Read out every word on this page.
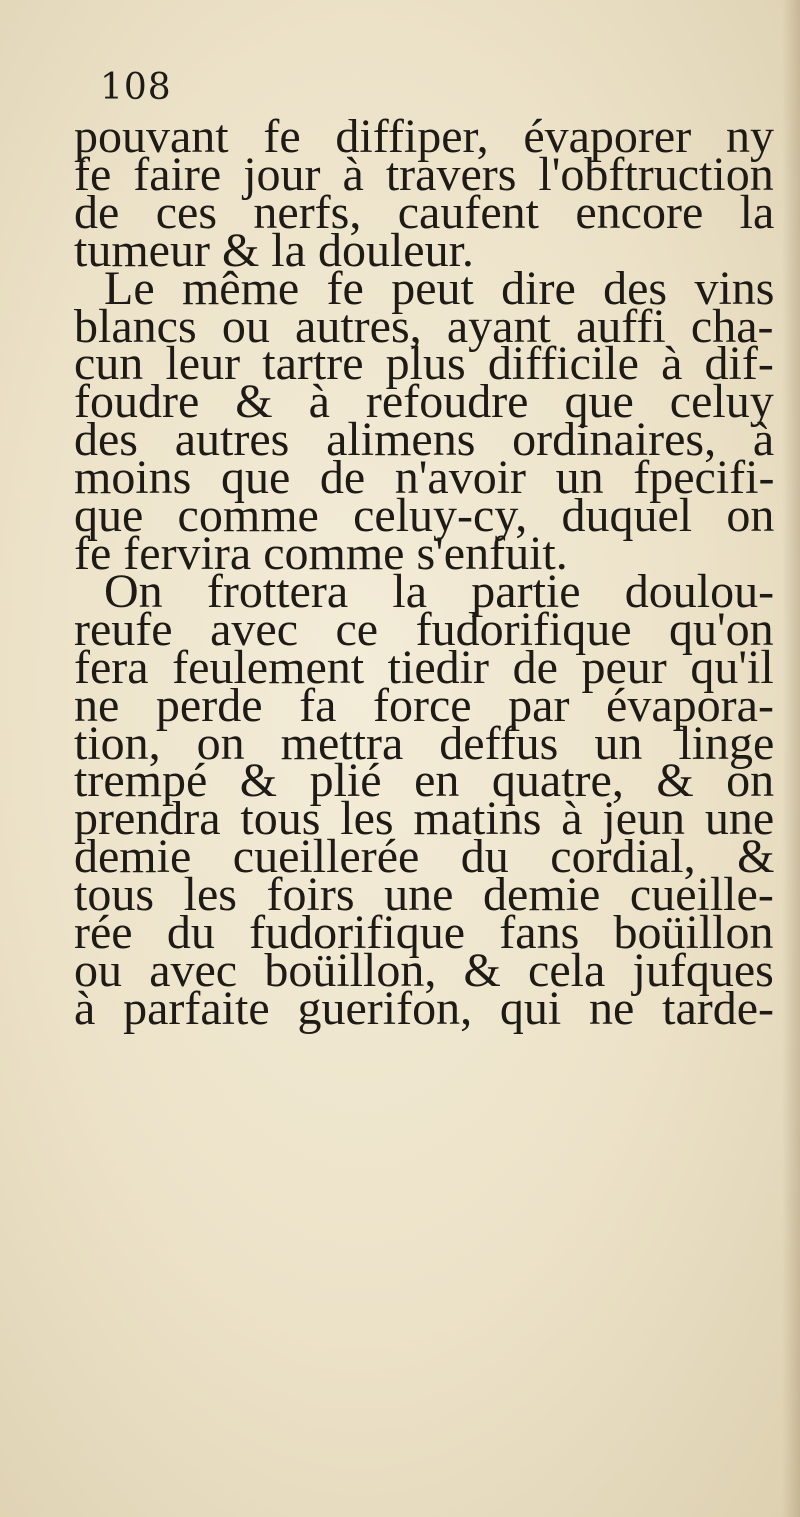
108

pouvant fe diffiper, évaporer ny
fe faire jour à travers l'obftruction
de ces nerfs, caufent encore la
tumeur & la douleur.

Le même fe peut dire des vins
blancs ou autres, ayant auffi cha-
cun leur tartre plus difficile à dif-
foudre & à refoudre que celuy
des autres alimens ordinaires, à
moins que de n'avoir un fpecifi-
que comme celuy-cy, duquel on
fe fervira comme s'enfuit.

On frottera la partie doulou-
reufe avec ce fudorifique qu'on
fera feulement tiedir de peur qu'il
ne perde fa force par évapora-
tion, on mettra deffus un linge
trempé & plié en quatre, & on
prendra tous les matins à jeun une
demie cueillerée du cordial, &
tous les foirs une demie cueille-
rée du fudorifique fans boüillon
ou avec boüillon, & cela jufques
à parfaite guerifon, qui ne tarde-
